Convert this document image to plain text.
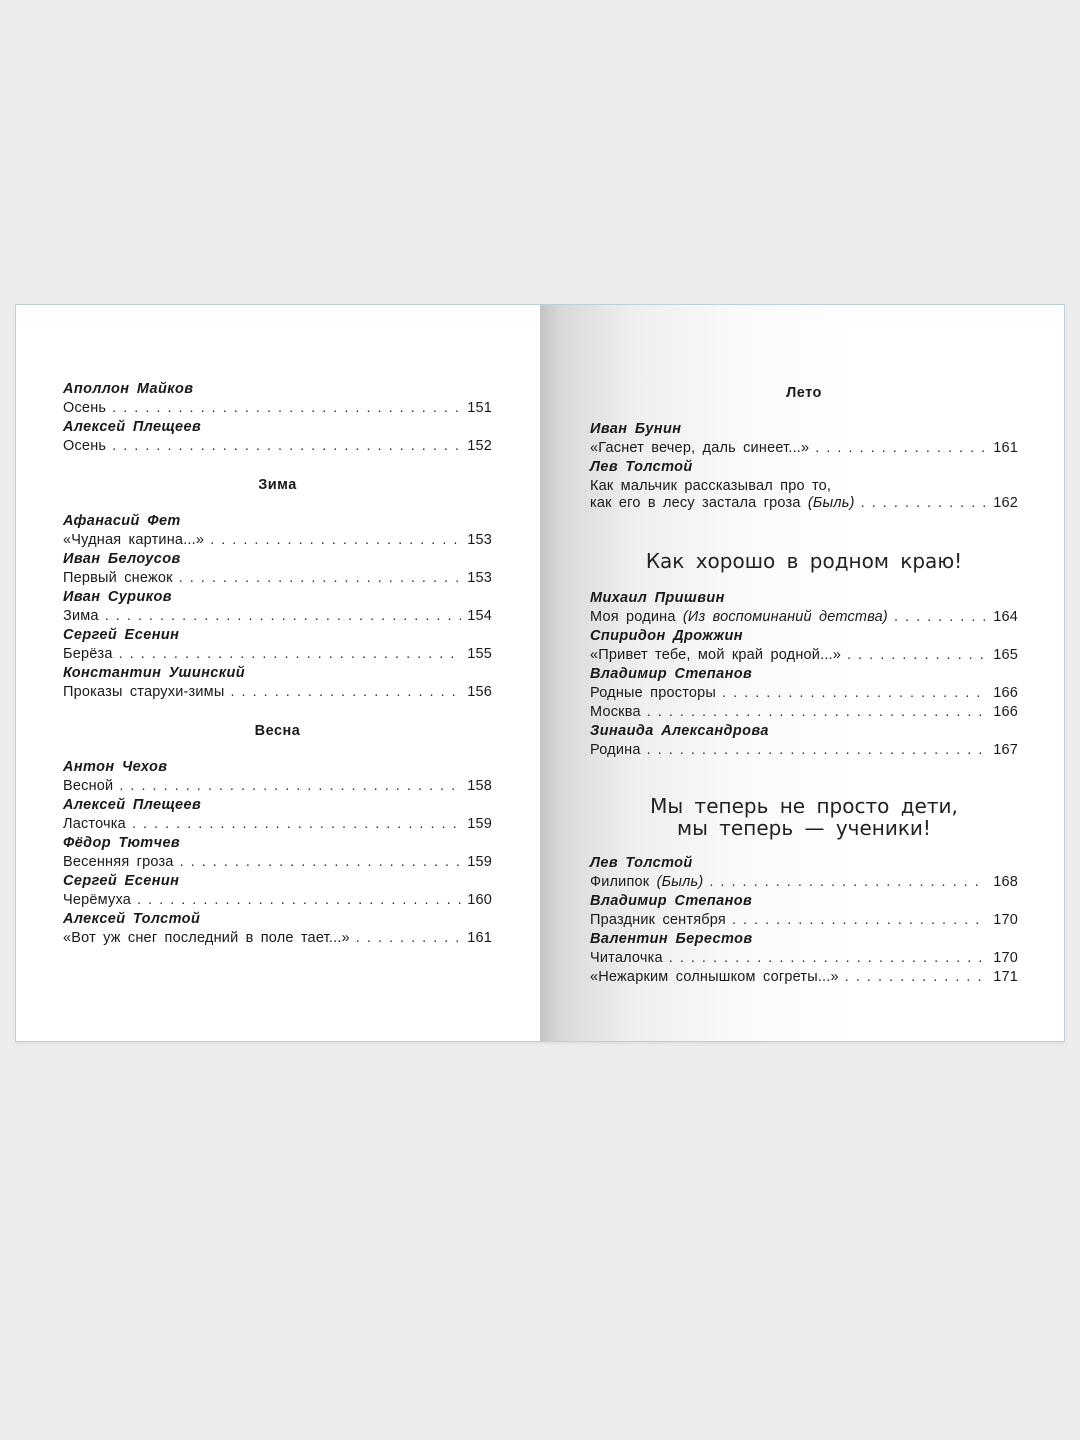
Аполлон Майков
Осень . . .	151
Алексей Плещеев
Осень . . .	152
Зима
Афанасий Фет
«Чудная картина...» . . .	153
Иван Белоусов
Первый снежок . . .	153
Иван Суриков
Зима . . .	154
Сергей Есенин
Берёза . . .	155
Константин Ушинский
Проказы старухи-зимы . . .	156
Весна
Антон Чехов
Весной . . .	158
Алексей Плещеев
Ласточка . . .	159
Фёдор Тютчев
Весенняя гроза . . .	159
Сергей Есенин
Черёмуха . . .	160
Алексей Толстой
«Вот уж снег последний в поле тает...» . . .	161
Лето
Иван Бунин
«Гаснет вечер, даль синеет...» . . .	161
Лев Толстой
Как мальчик рассказывал про то,
как его в лесу застала гроза (Быль) . . .	162
Как хорошо в родном краю!
Михаил Пришвин
Моя родина (Из воспоминаний детства) . . .	164
Спиридон Дрожжин
«Привет тебе, мой край родной...» . . .	165
Владимир Степанов
Родные просторы . . .	166
Москва . . .	166
Зинаида Александрова
Родина . . .	167
Мы теперь не просто дети,
мы теперь — ученики!
Лев Толстой
Филипок (Быль) . . .	168
Владимир Степанов
Праздник сентября . . .	170
Валентин Берестов
Читалочка . . .	170
«Нежарким солнышком согреты...» . . .	171
